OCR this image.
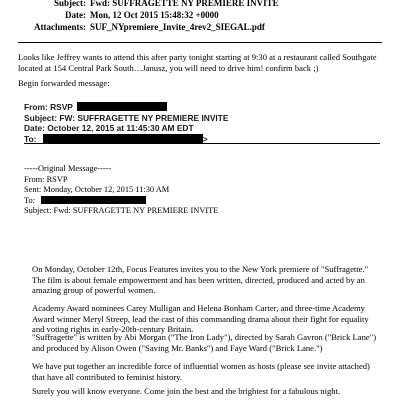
Subject: Fwd: SUFFRAGETTE NY PREMIERE INVITE
Date: Mon, 12 Oct 2015 15:48:32 +0000
Attachments: SUF_NYpremiere_Invite_4rev2_SIEGAL.pdf

Looks like Jeffrey wants to attend this after party tonight starting at 9:30 at a restaurant called Southgate located at 154 Central Park South…Janusz, you will need to drive him! confirm back ;)

Begin forwarded message:

From: RSVP
Subject: FW: SUFFRAGETTE NY PREMIERE INVITE
Date: October 12, 2015 at 11:45:30 AM EDT
To:	>
-----Original Message-----
From: RSVP
Sent: Monday, October 12, 2015 11:30 AM
To:
Subject: Fwd: SUFFRAGETTE NY PREMIERE INVITE

On Monday, October 12th, Focus Features invites you to the New York premiere of "Suffragette." The film is about female empowerment and has been written, directed, produced and acted by an amazing group of powerful women.

Academy Award nominees Carey Mulligan and Helena Bonham Carter, and three-time Academy Award winner Meryl Streep, lead the cast of this commanding drama about their fight for equality and voting rights in early-20th-century Britain.

"Suffragette" is written by Abi Morgan ("The Iron Lady"), directed by Sarah Gavron ("Brick Lane") and produced by Alison Owen ("Saving Mr. Banks") and Faye Ward ("Brick Lane.")

We have put together an incredible force of influential women as hosts (please see invite attached) that have all contributed to feminist history.

Surely you will know everyone. Come join the best and the brightest for a fabulous night.
